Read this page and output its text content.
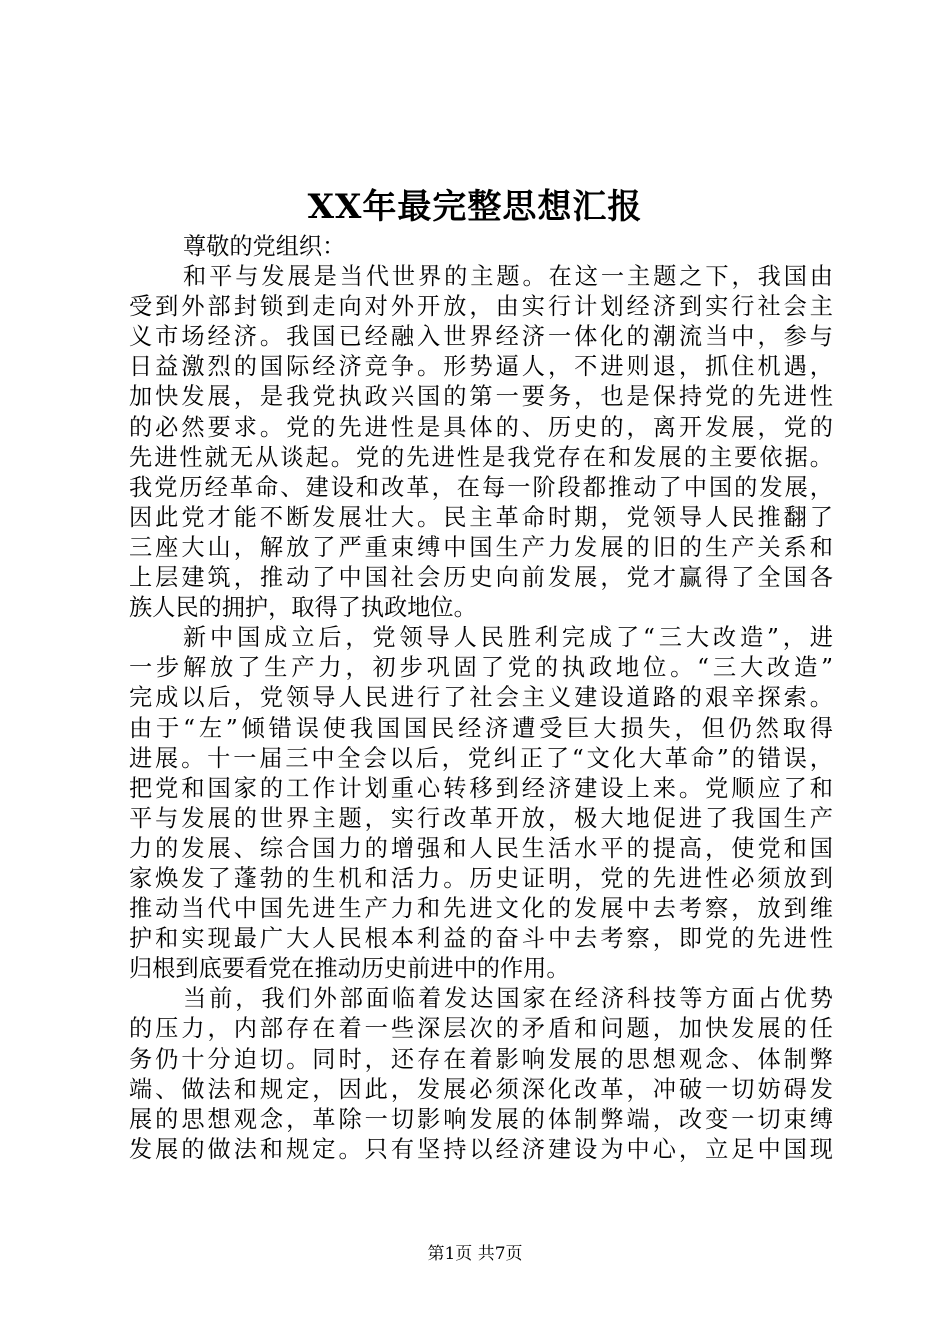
XX年最完整思想汇报
尊敬的党组织：
和平与发展是当代世界的主题。在这一主题之下，我国由
受到外部封锁到走向对外开放，由实行计划经济到实行社会主
义市场经济。我国已经融入世界经济一体化的潮流当中，参与
日益激烈的国际经济竞争。形势逼人，不进则退，抓住机遇，
加快发展，是我党执政兴国的第一要务，也是保持党的先进性
的必然要求。党的先进性是具体的、历史的，离开发展，党的
先进性就无从谈起。党的先进性是我党存在和发展的主要依据。
我党历经革命、建设和改革，在每一阶段都推动了中国的发展，
因此党才能不断发展壮大。民主革命时期，党领导人民推翻了
三座大山，解放了严重束缚中国生产力发展的旧的生产关系和
上层建筑，推动了中国社会历史向前发展，党才赢得了全国各
族人民的拥护，取得了执政地位。
新中国成立后，党领导人民胜利完成了“三大改造”，进
一步解放了生产力，初步巩固了党的执政地位。“三大改造”
完成以后，党领导人民进行了社会主义建设道路的艰辛探索。
由于“左”倾错误使我国国民经济遭受巨大损失，但仍然取得
进展。十一届三中全会以后，党纠正了“文化大革命”的错误，
把党和国家的工作计划重心转移到经济建设上来。党顺应了和
平与发展的世界主题，实行改革开放，极大地促进了我国生产
力的发展、综合国力的增强和人民生活水平的提高，使党和国
家焕发了蓬勃的生机和活力。历史证明，党的先进性必须放到
推动当代中国先进生产力和先进文化的发展中去考察，放到维
护和实现最广大人民根本利益的奋斗中去考察，即党的先进性
归根到底要看党在推动历史前进中的作用。
当前，我们外部面临着发达国家在经济科技等方面占优势
的压力，内部存在着一些深层次的矛盾和问题，加快发展的任
务仍十分迫切。同时，还存在着影响发展的思想观念、体制弊
端、做法和规定，因此，发展必须深化改革，冲破一切妨碍发
展的思想观念，革除一切影响发展的体制弊端，改变一切束缚
发展的做法和规定。只有坚持以经济建设为中心，立足中国现
第1页 共7页
